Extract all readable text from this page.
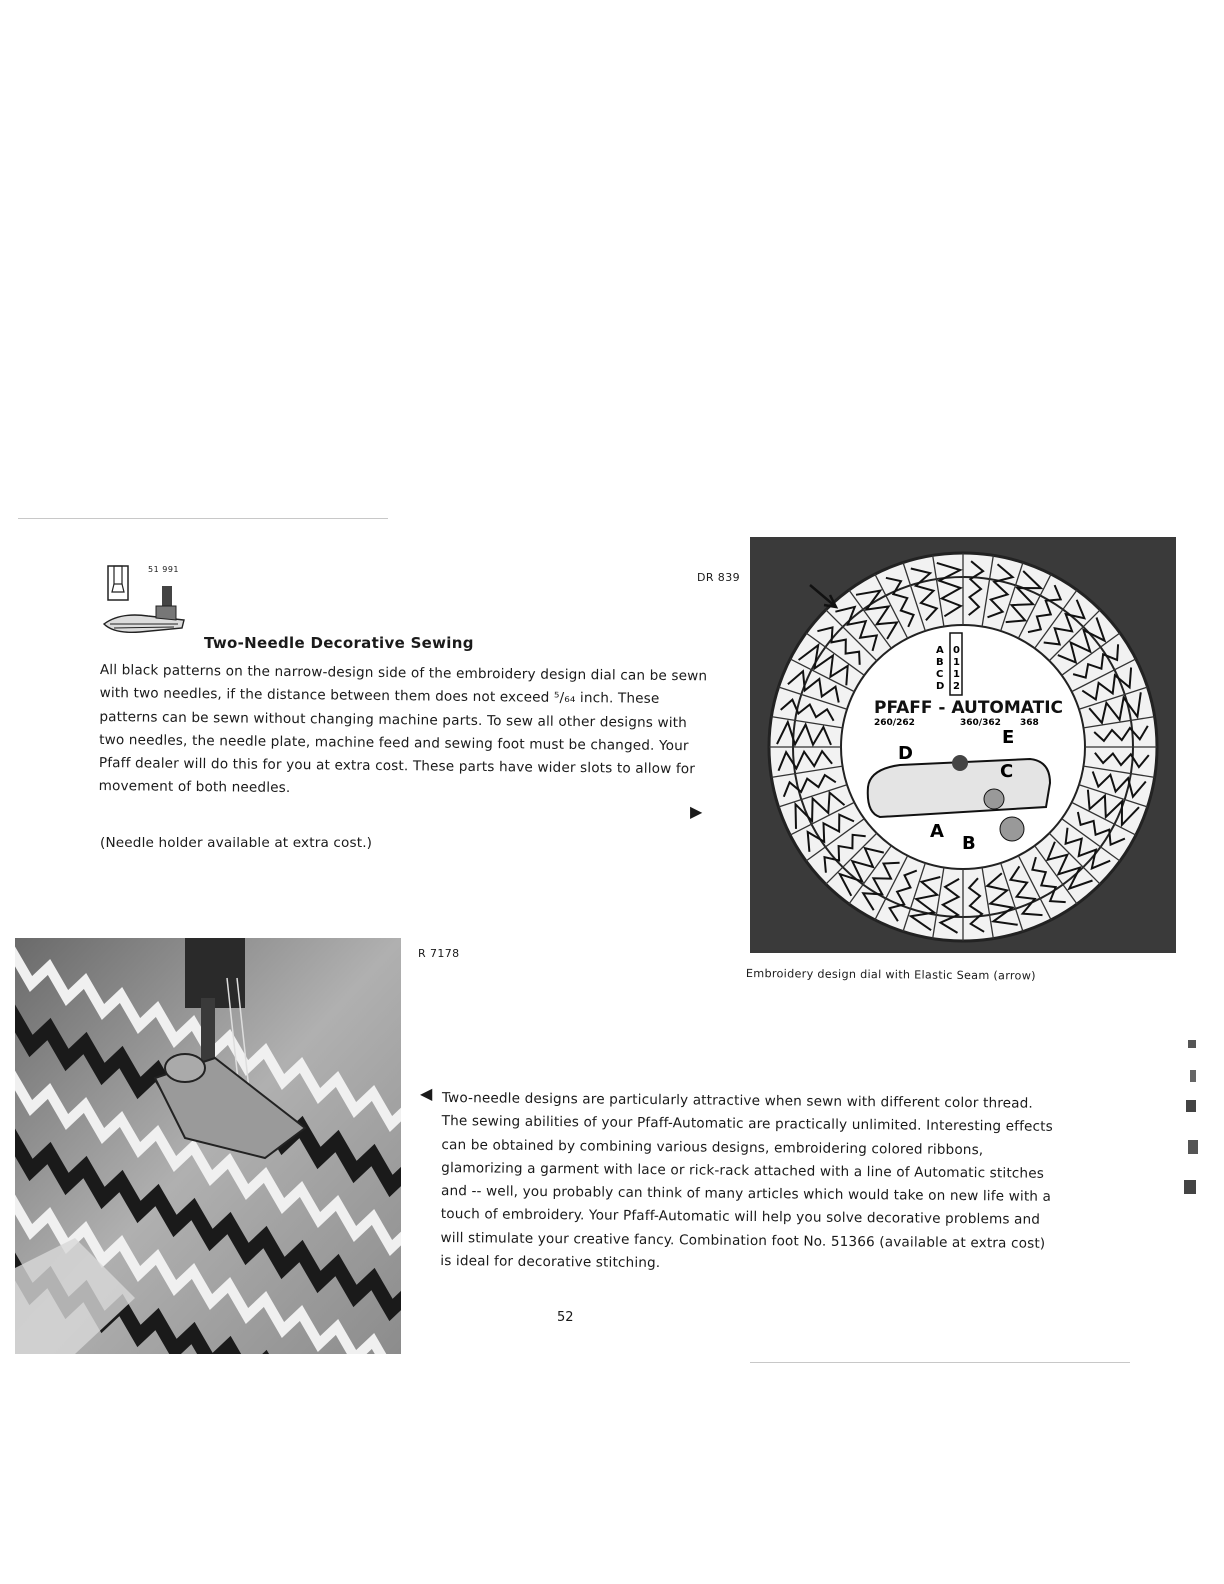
51 991
Two-Needle Decorative Sewing
All black patterns on the narrow-design side of the embroidery design dial can be sewn with two needles, if the distance between them does not exceed ⁵/₆₄ inch. These patterns can be sewn without changing machine parts. To sew all other designs with two needles, the needle plate, machine feed and sewing foot must be changed. Your Pfaff dealer will do this for you at extra cost. These parts have wider slots to allow for movement of both needles.
▶
(Needle holder available at extra cost.)
DR 839
A
B
C
D
0
1
1
2
PFAFF - AUTOMATIC
260/262	360/362 368
D
E
C
A
B
Embroidery design dial with Elastic Seam (arrow)
R 7178
◀ Two-needle designs are particularly attractive when sewn with different color thread. The sewing abilities of your Pfaff-Automatic are practically unlimited. Interesting effects can be obtained by combining various designs, embroidering colored ribbons, glamorizing a garment with lace or rick-rack attached with a line of Automatic stitches and -- well, you probably can think of many articles which would take on new life with a touch of embroidery. Your Pfaff-Automatic will help you solve decorative problems and will stimulate your creative fancy. Combination foot No. 51366 (available at extra cost) is ideal for decorative stitching.
52
